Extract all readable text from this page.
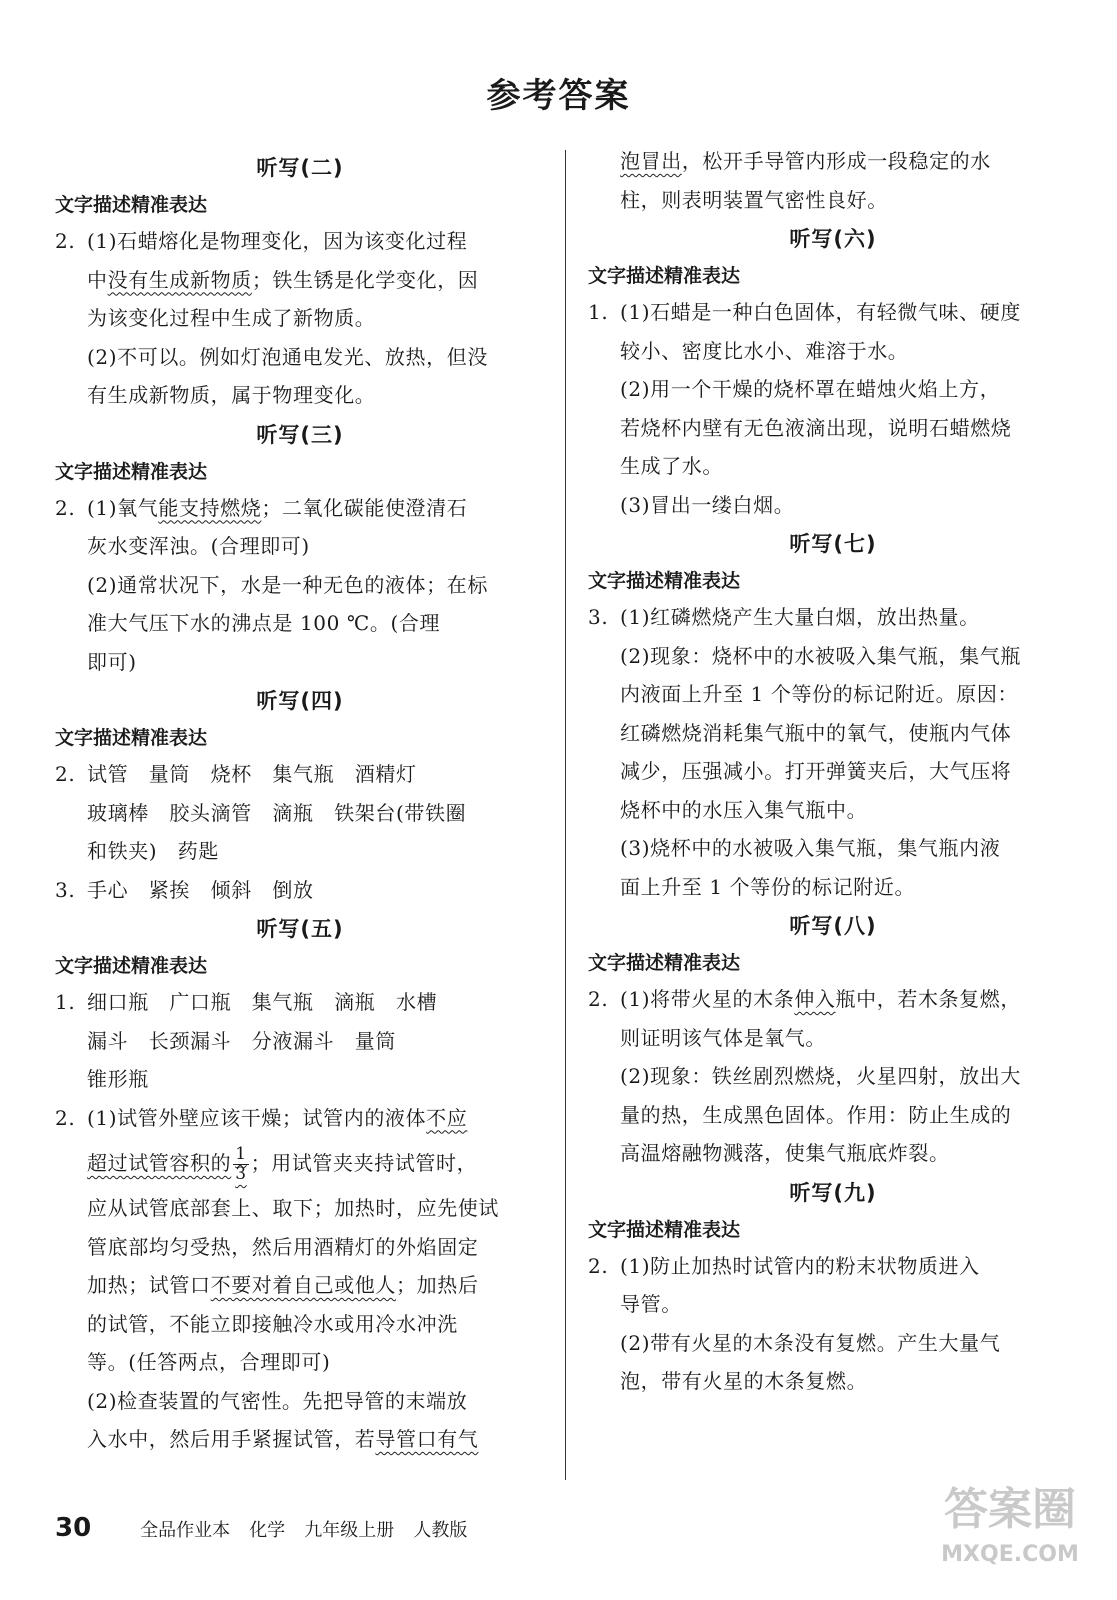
参考答案
听写(二)
文字描述精准表达
2. (1)石蜡熔化是物理变化，因为该变化过程
中没有生成新物质；铁生锈是化学变化，因
为该变化过程中生成了新物质。
(2)不可以。例如灯泡通电发光、放热，但没
有生成新物质，属于物理变化。
听写(三)
文字描述精准表达
2. (1)氧气能支持燃烧；二氧化碳能使澄清石
灰水变浑浊。(合理即可)
(2)通常状况下，水是一种无色的液体；在标
准大气压下水的沸点是 100 ℃。(合理
即可)
听写(四)
文字描述精准表达
2. 试管　量筒　烧杯　集气瓶　酒精灯
玻璃棒　胶头滴管　滴瓶　铁架台(带铁圈
和铁夹)　药匙
3. 手心　紧挨　倾斜　倒放
听写(五)
文字描述精准表达
1. 细口瓶　广口瓶　集气瓶　滴瓶　水槽
漏斗　长颈漏斗　分液漏斗　量筒
锥形瓶
2. (1)试管外壁应该干燥；试管内的液体不应
超过试管容积的 $\frac{1}{3}$ ；用试管夹夹持试管时，
应从试管底部套上、取下；加热时，应先使试
管底部均匀受热，然后用酒精灯的外焰固定
加热；试管口不要对着自己或他人；加热后
的试管，不能立即接触冷水或用冷水冲洗
等。(任答两点，合理即可)
(2)检查装置的气密性。先把导管的末端放
入水中，然后用手紧握试管，若导管口有气
泡冒出，松开手导管内形成一段稳定的水
柱，则表明装置气密性良好。
听写(六)
文字描述精准表达
1. (1)石蜡是一种白色固体，有轻微气味、硬度
较小、密度比水小、难溶于水。
(2)用一个干燥的烧杯罩在蜡烛火焰上方，
若烧杯内壁有无色液滴出现，说明石蜡燃烧
生成了水。
(3)冒出一缕白烟。
听写(七)
文字描述精准表达
3. (1)红磷燃烧产生大量白烟，放出热量。
(2)现象：烧杯中的水被吸入集气瓶，集气瓶
内液面上升至 1 个等份的标记附近。原因：
红磷燃烧消耗集气瓶中的氧气，使瓶内气体
减少，压强减小。打开弹簧夹后，大气压将
烧杯中的水压入集气瓶中。
(3)烧杯中的水被吸入集气瓶，集气瓶内液
面上升至 1 个等份的标记附近。
听写(八)
文字描述精准表达
2. (1)将带火星的木条伸入瓶中，若木条复燃，
则证明该气体是氧气。
(2)现象：铁丝剧烈燃烧，火星四射，放出大
量的热，生成黑色固体。作用：防止生成的
高温熔融物溅落，使集气瓶底炸裂。
听写(九)
文字描述精准表达
2. (1)防止加热时试管内的粉末状物质进入
导管。
(2)带有火星的木条没有复燃。产生大量气
泡，带有火星的木条复燃。
30	全品作业本 化学 九年级上册 人教版	答案圈
MXQE.COM
